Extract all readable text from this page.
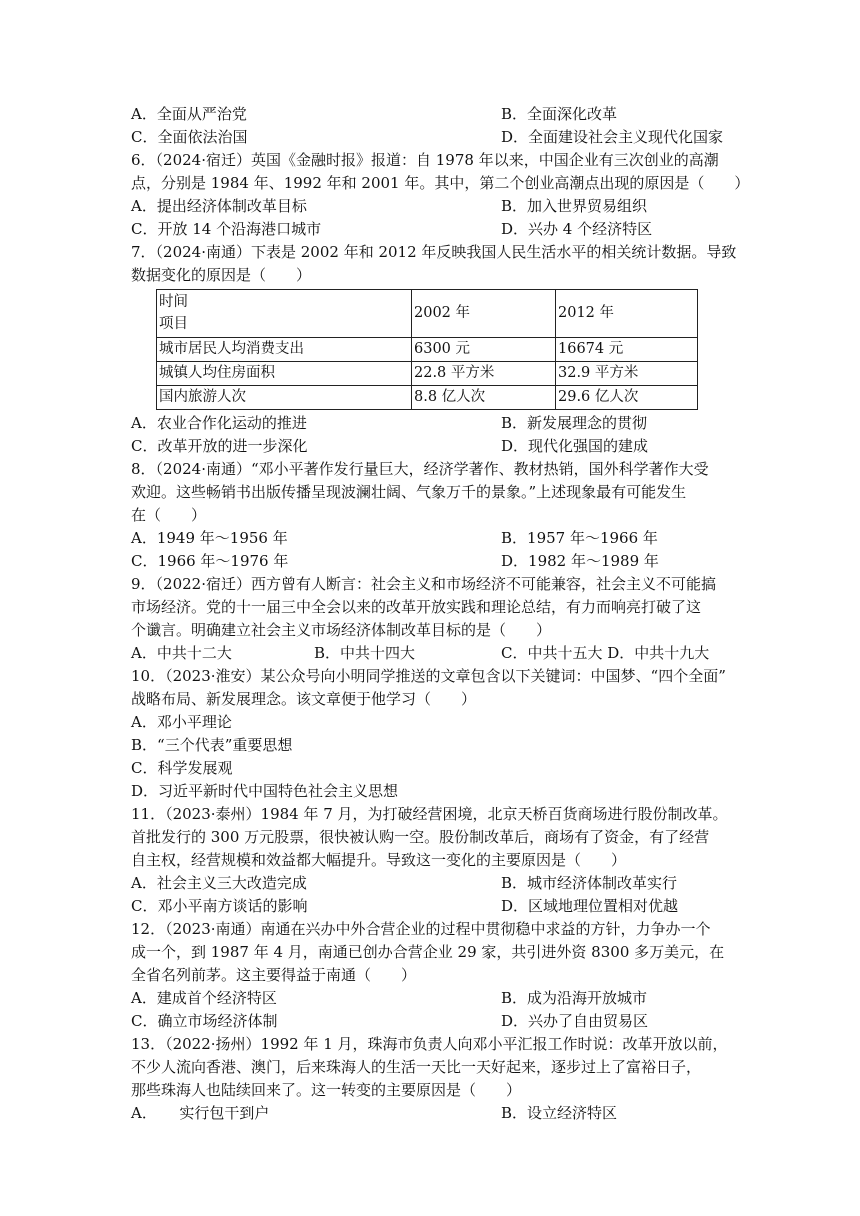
A．全面从严治党	B．全面深化改革
C．全面依法治国	D．全面建设社会主义现代化国家
6．（2024·宿迁）英国《金融时报》报道：自 1978 年以来，中国企业有三次创业的高潮
点，分别是 1984 年、1992 年和 2001 年。其中，第二个创业高潮点出现的原因是（　　）
A．提出经济体制改革目标	B．加入世界贸易组织
C．开放 14 个沿海港口城市	D．兴办 4 个经济特区
7．（2024·南通）下表是 2002 年和 2012 年反映我国人民生活水平的相关统计数据。导致
数据变化的原因是（　　）
时间
项目	2002 年	2012 年
城市居民人均消费支出	6300 元	16674 元
城镇人均住房面积	22.8 平方米	32.9 平方米
国内旅游人次	8.8 亿人次	29.6 亿人次
A．农业合作化运动的推进	B．新发展理念的贯彻
C．改革开放的进一步深化	D．现代化强国的建成
8．（2024·南通）“邓小平著作发行量巨大，经济学著作、教材热销，国外科学著作大受
欢迎。这些畅销书出版传播呈现波澜壮阔、气象万千的景象。”上述现象最有可能发生
在（　　）
A．1949 年～1956 年	B．1957 年～1966 年
C．1966 年～1976 年	D．1982 年～1989 年
9．（2022·宿迁）西方曾有人断言：社会主义和市场经济不可能兼容，社会主义不可能搞
市场经济。党的十一届三中全会以来的改革开放实践和理论总结，有力而响亮打破了这
个谶言。明确建立社会主义市场经济体制改革目标的是（　　）
A．中共十二大	B．中共十四大	C．中共十五大 D．中共十九大
10．（2023·淮安）某公众号向小明同学推送的文章包含以下关键词：中国梦、“四个全面”
战略布局、新发展理念。该文章便于他学习（　　）
A．邓小平理论
B．“三个代表”重要思想
C．科学发展观
D．习近平新时代中国特色社会主义思想
11．（2023·泰州）1984 年 7 月，为打破经营困境，北京天桥百货商场进行股份制改革。
首批发行的 300 万元股票，很快被认购一空。股份制改革后，商场有了资金，有了经营
自主权，经营规模和效益都大幅提升。导致这一变化的主要原因是（　　）
A．社会主义三大改造完成	B．城市经济体制改革实行
C．邓小平南方谈话的影响	D．区域地理位置相对优越
12．（2023·南通）南通在兴办中外合营企业的过程中贯彻稳中求益的方针，力争办一个
成一个，到 1987 年 4 月，南通已创办合营企业 29 家，共引进外资 8300 多万美元，在
全省名列前茅。这主要得益于南通（　　）
A．建成首个经济特区	B．成为沿海开放城市
C．确立市场经济体制	D．兴办了自由贸易区
13．（2022·扬州）1992 年 1 月，珠海市负责人向邓小平汇报工作时说：改革开放以前，
不少人流向香港、澳门，后来珠海人的生活一天比一天好起来，逐步过上了富裕日子，
那些珠海人也陆续回来了。这一转变的主要原因是（　　）
A．　　实行包干到户	B．设立经济特区
